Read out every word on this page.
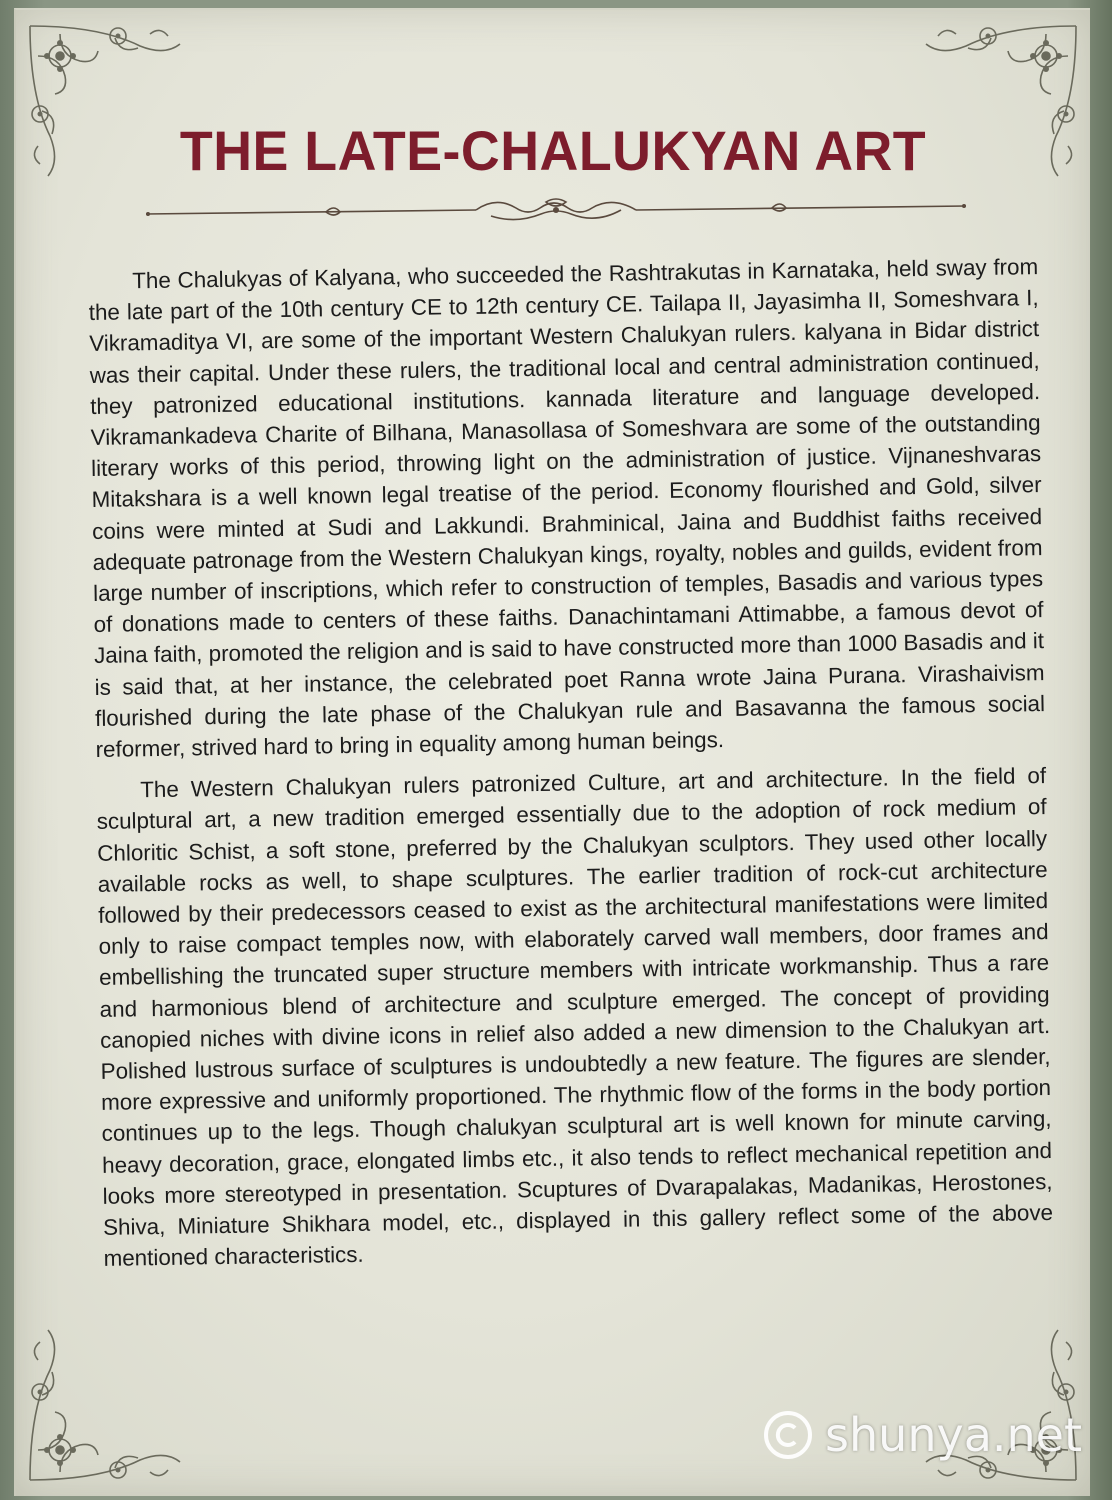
THE LATE-CHALUKYAN ART

The Chalukyas of Kalyana, who succeeded the Rashtrakutas in Karnataka, held sway from the late part of the 10th century CE to 12th century CE. Tailapa II, Jayasimha II, Someshvara I, Vikramaditya VI, are some of the important Western Chalukyan rulers. kalyana in Bidar district was their capital. Under these rulers, the traditional local and central administration continued, they patronized educational institutions. kannada literature and language developed. Vikramankadeva Charite of Bilhana, Manasollasa of Someshvara are some of the outstanding literary works of this period, throwing light on the administration of justice. Vijnaneshvaras Mitakshara is a well known legal treatise of the period. Economy flourished and Gold, silver coins were minted at Sudi and Lakkundi. Brahminical, Jaina and Buddhist faiths received adequate patronage from the Western Chalukyan kings, royalty, nobles and guilds, evident from large number of inscriptions, which refer to construction of temples, Basadis and various types of donations made to centers of these faiths. Danachintamani Attimabbe, a famous devot of Jaina faith, promoted the religion and is said to have constructed more than 1000 Basadis and it is said that, at her instance, the celebrated poet Ranna wrote Jaina Purana. Virashaivism flourished during the late phase of the Chalukyan rule and Basavanna the famous social reformer, strived hard to bring in equality among human beings.

The Western Chalukyan rulers patronized Culture, art and architecture. In the field of sculptural art, a new tradition emerged essentially due to the adoption of rock medium of Chloritic Schist, a soft stone, preferred by the Chalukyan sculptors. They used other locally available rocks as well, to shape sculptures. The earlier tradition of rock-cut architecture followed by their predecessors ceased to exist as the architectural manifestations were limited only to raise compact temples now, with elaborately carved wall members, door frames and embellishing the truncated super structure members with intricate workmanship. Thus a rare and harmonious blend of architecture and sculpture emerged. The concept of providing canopied niches with divine icons in relief also added a new dimension to the Chalukyan art. Polished lustrous surface of sculptures is undoubtedly a new feature. The figures are slender, more expressive and uniformly proportioned. The rhythmic flow of the forms in the body portion continues up to the legs. Though chalukyan sculptural art is well known for minute carving, heavy decoration, grace, elongated limbs etc., it also tends to reflect mechanical repetition and looks more stereotyped in presentation. Scuptures of Dvarapalakas, Madanikas, Herostones, Shiva, Miniature Shikhara model, etc., displayed in this gallery reflect some of the above mentioned characteristics.

shunya.net
